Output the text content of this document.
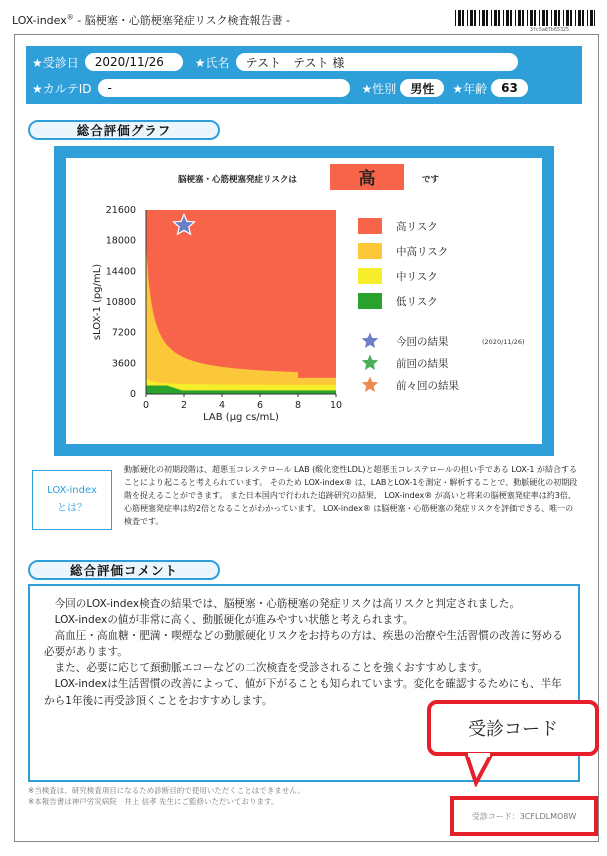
LOX-index® - 脳梗塞・心筋梗塞発症リスク検査報告書 -
3fc5a87b65325
★受診日	2020/11/26	★氏名	テスト　テスト 様
★カルテID	-	★性別	男性	★年齢	63
総合評価グラフ
脳梗塞・心筋梗塞発症リスクは	高	です
0	2	4	6	8	10
0
3600
7200
10800
14400
18000
21600
LAB (μg cs/mL)
sLOX-1 (pg/mL)
高リスク
中高リスク
中リスク
低リスク
今回の結果	(2020/11/26)
前回の結果
前々回の結果
LOX-index
とは？
動脈硬化の初期段階は、超悪玉コレステロール LAB (酸化変性LDL)と超悪玉コレステロールの担い手である LOX-1 が結合することにより起こると考えられています。 そのため LOX-index® は、LABとLOX-1を測定・解析することで、動脈硬化の初期段階を捉えることができます。 また日本国内で行われた追跡研究の結果、 LOX-index® が高いと将来の脳梗塞発症率は約3倍、心筋梗塞発症率は約2倍となることがわかっています。 LOX-index® は脳梗塞・心筋梗塞の発症リスクを評価できる、唯一の検査です。
総合評価コメント

今回のLOX-index検査の結果では、脳梗塞・心筋梗塞の発症リスクは高リスクと判定されました。

LOX-indexの値が非常に高く、動脈硬化が進みやすい状態と考えられます。

高血圧・高血糖・肥満・喫煙などの動脈硬化リスクをお持ちの方は、疾患の治療や生活習慣の改善に努める必要があります。

また、必要に応じて頚動脈エコーなどの二次検査を受診されることを強くおすすめします。

LOX-indexは生活習慣の改善によって、値が下がることも知られています。変化を確認するためにも、半年から1年後に再受診頂くことをおすすめします。

※当検査は、研究検査項目になるため診断目的で使用いただくことはできません。
※本報告書は神戸労災病院　井上 信孝 先生にご監修いただいております。
受診コード
受診コード：3CFLDLMO8W
